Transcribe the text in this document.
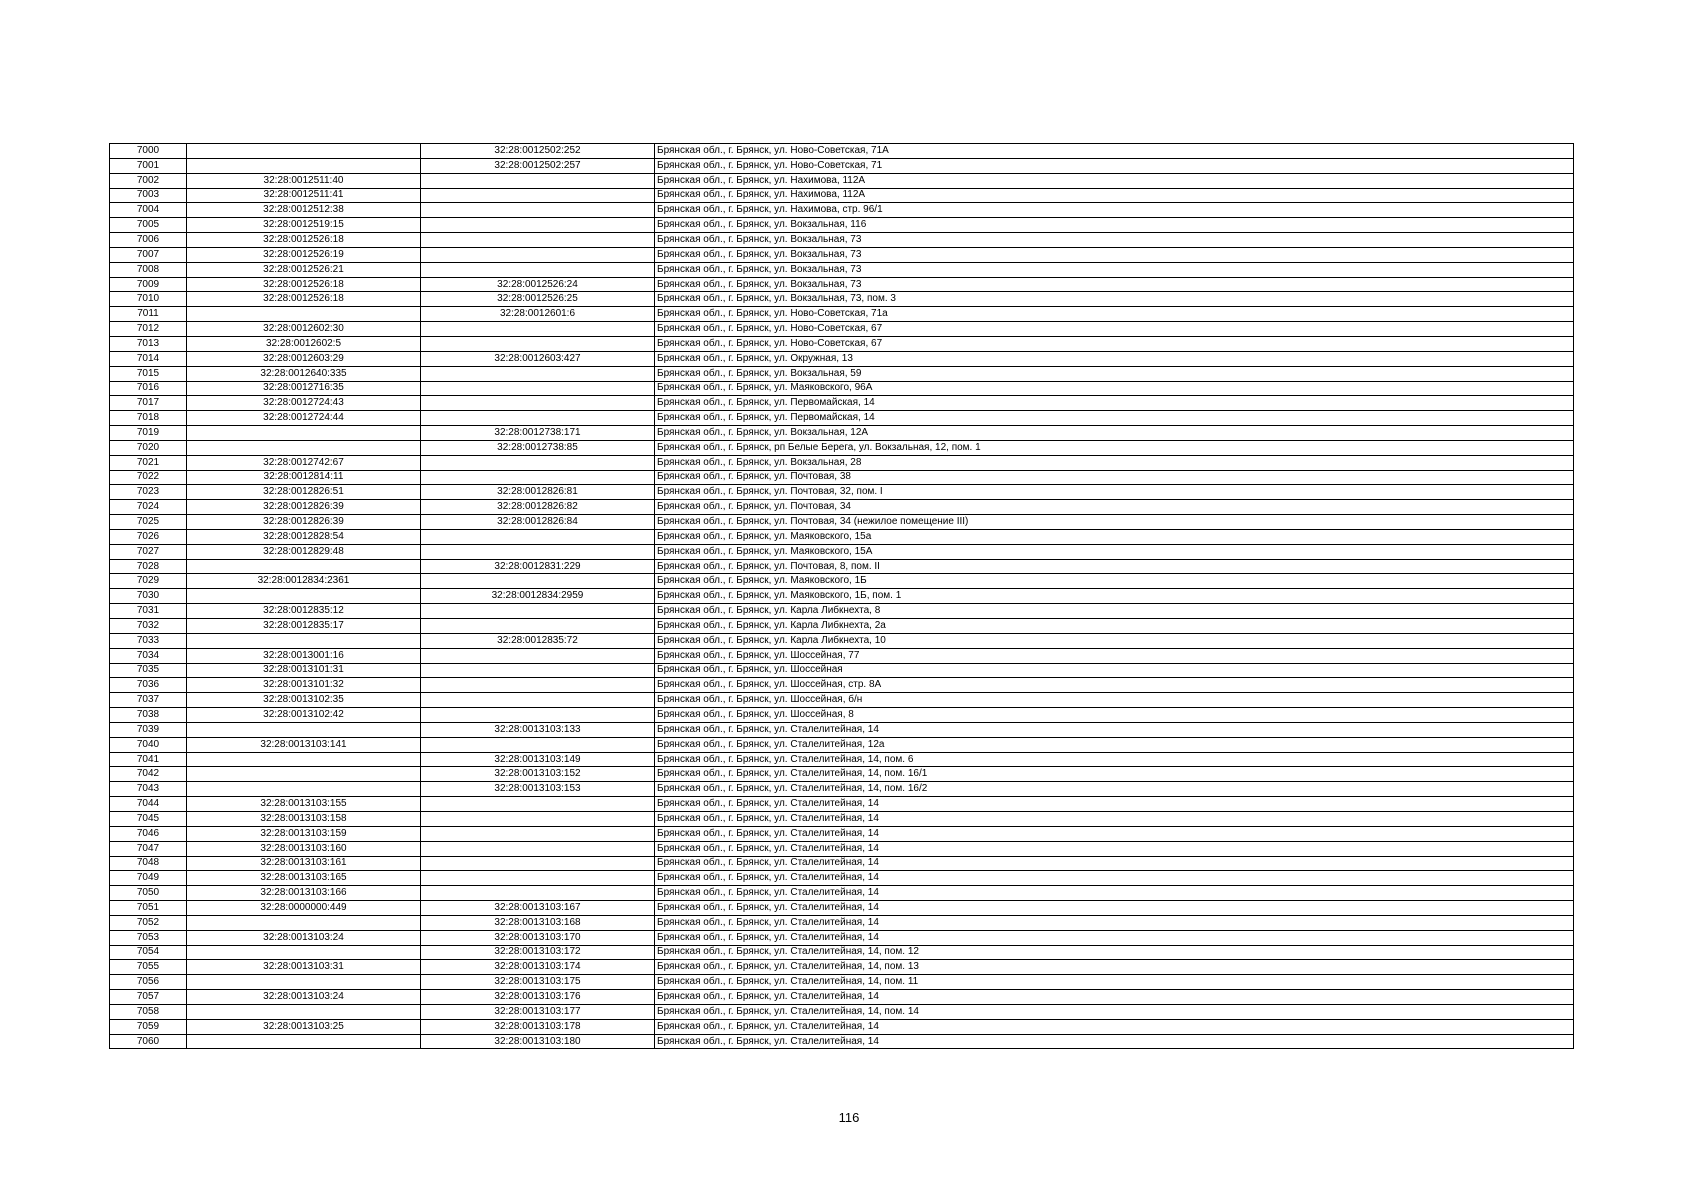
7000		32:28:0012502:252	Брянская обл., г. Брянск, ул. Ново-Советская, 71А
7001		32:28:0012502:257	Брянская обл., г. Брянск, ул. Ново-Советская, 71
7002	32:28:0012511:40		Брянская обл., г. Брянск, ул. Нахимова, 112А
7003	32:28:0012511:41		Брянская обл., г. Брянск, ул. Нахимова, 112А
7004	32:28:0012512:38		Брянская обл., г. Брянск, ул. Нахимова, стр. 96/1
7005	32:28:0012519:15		Брянская обл., г. Брянск, ул. Вокзальная, 116
7006	32:28:0012526:18		Брянская обл., г. Брянск, ул. Вокзальная, 73
7007	32:28:0012526:19		Брянская обл., г. Брянск, ул. Вокзальная, 73
7008	32:28:0012526:21		Брянская обл., г. Брянск, ул. Вокзальная, 73
7009	32:28:0012526:18	32:28:0012526:24	Брянская обл., г. Брянск, ул. Вокзальная, 73
7010	32:28:0012526:18	32:28:0012526:25	Брянская обл., г. Брянск, ул. Вокзальная, 73, пом. 3
7011		32:28:0012601:6	Брянская обл., г. Брянск, ул. Ново-Советская, 71а
7012	32:28:0012602:30		Брянская обл., г. Брянск, ул. Ново-Советская, 67
7013	32:28:0012602:5		Брянская обл., г. Брянск, ул. Ново-Советская, 67
7014	32:28:0012603:29	32:28:0012603:427	Брянская обл., г. Брянск, ул. Окружная, 13
7015	32:28:0012640:335		Брянская обл., г. Брянск, ул. Вокзальная, 59
7016	32:28:0012716:35		Брянская обл., г. Брянск, ул. Маяковского, 96А
7017	32:28:0012724:43		Брянская обл., г. Брянск, ул. Первомайская, 14
7018	32:28:0012724:44		Брянская обл., г. Брянск, ул. Первомайская, 14
7019		32:28:0012738:171	Брянская обл., г. Брянск, ул. Вокзальная, 12А
7020		32:28:0012738:85	Брянская обл., г. Брянск, рп Белые Берега, ул. Вокзальная, 12, пом. 1
7021	32:28:0012742:67		Брянская обл., г. Брянск, ул. Вокзальная, 28
7022	32:28:0012814:11		Брянская обл., г. Брянск, ул. Почтовая, 38
7023	32:28:0012826:51	32:28:0012826:81	Брянская обл., г. Брянск, ул. Почтовая, 32, пом. I
7024	32:28:0012826:39	32:28:0012826:82	Брянская обл., г. Брянск, ул. Почтовая, 34
7025	32:28:0012826:39	32:28:0012826:84	Брянская обл., г. Брянск, ул. Почтовая, 34 (нежилое помещение III)
7026	32:28:0012828:54		Брянская обл., г. Брянск, ул. Маяковского, 15а
7027	32:28:0012829:48		Брянская обл., г. Брянск, ул. Маяковского, 15А
7028		32:28:0012831:229	Брянская обл., г. Брянск, ул. Почтовая, 8, пом. II
7029	32:28:0012834:2361		Брянская обл., г. Брянск, ул. Маяковского, 1Б
7030		32:28:0012834:2959	Брянская обл., г. Брянск, ул. Маяковского, 1Б, пом. 1
7031	32:28:0012835:12		Брянская обл., г. Брянск, ул. Карла Либкнехта, 8
7032	32:28:0012835:17		Брянская обл., г. Брянск, ул. Карла Либкнехта, 2а
7033		32:28:0012835:72	Брянская обл., г. Брянск, ул. Карла Либкнехта, 10
7034	32:28:0013001:16		Брянская обл., г. Брянск, ул. Шоссейная, 77
7035	32:28:0013101:31		Брянская обл., г. Брянск, ул. Шоссейная
7036	32:28:0013101:32		Брянская обл., г. Брянск, ул. Шоссейная, стр. 8А
7037	32:28:0013102:35		Брянская обл., г. Брянск, ул. Шоссейная, б/н
7038	32:28:0013102:42		Брянская обл., г. Брянск, ул. Шоссейная, 8
7039		32:28:0013103:133	Брянская обл., г. Брянск, ул. Сталелитейная, 14
7040	32:28:0013103:141		Брянская обл., г. Брянск, ул. Сталелитейная, 12а
7041		32:28:0013103:149	Брянская обл., г. Брянск, ул. Сталелитейная, 14, пом. 6
7042		32:28:0013103:152	Брянская обл., г. Брянск, ул. Сталелитейная, 14, пом. 16/1
7043		32:28:0013103:153	Брянская обл., г. Брянск, ул. Сталелитейная, 14, пом. 16/2
7044	32:28:0013103:155		Брянская обл., г. Брянск, ул. Сталелитейная, 14
7045	32:28:0013103:158		Брянская обл., г. Брянск, ул. Сталелитейная, 14
7046	32:28:0013103:159		Брянская обл., г. Брянск, ул. Сталелитейная, 14
7047	32:28:0013103:160		Брянская обл., г. Брянск, ул. Сталелитейная, 14
7048	32:28:0013103:161		Брянская обл., г. Брянск, ул. Сталелитейная, 14
7049	32:28:0013103:165		Брянская обл., г. Брянск, ул. Сталелитейная, 14
7050	32:28:0013103:166		Брянская обл., г. Брянск, ул. Сталелитейная, 14
7051	32:28:0000000:449	32:28:0013103:167	Брянская обл., г. Брянск, ул. Сталелитейная, 14
7052		32:28:0013103:168	Брянская обл., г. Брянск, ул. Сталелитейная, 14
7053	32:28:0013103:24	32:28:0013103:170	Брянская обл., г. Брянск, ул. Сталелитейная, 14
7054		32:28:0013103:172	Брянская обл., г. Брянск, ул. Сталелитейная, 14, пом. 12
7055	32:28:0013103:31	32:28:0013103:174	Брянская обл., г. Брянск, ул. Сталелитейная, 14, пом. 13
7056		32:28:0013103:175	Брянская обл., г. Брянск, ул. Сталелитейная, 14, пом. 11
7057	32:28:0013103:24	32:28:0013103:176	Брянская обл., г. Брянск, ул. Сталелитейная, 14
7058		32:28:0013103:177	Брянская обл., г. Брянск, ул. Сталелитейная, 14, пом. 14
7059	32:28:0013103:25	32:28:0013103:178	Брянская обл., г. Брянск, ул. Сталелитейная, 14
7060		32:28:0013103:180	Брянская обл., г. Брянск, ул. Сталелитейная, 14
116
